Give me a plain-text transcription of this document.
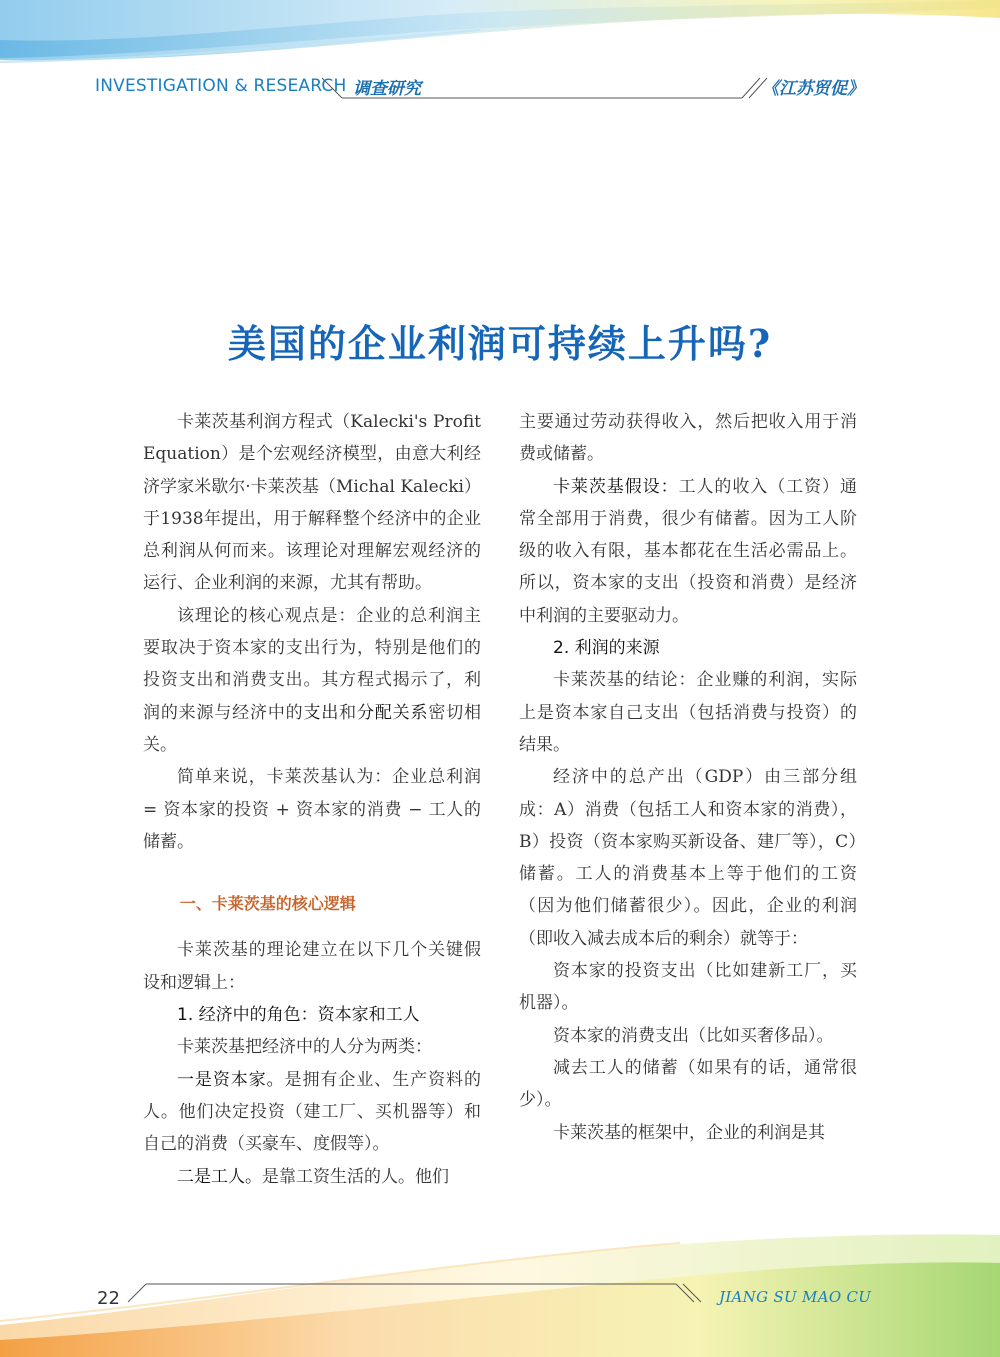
INVESTIGATION & RESEARCH 调查研究	《江苏贸促》
美国的企业利润可持续上升吗?

卡莱茨基利润方程式（Kalecki's Profit Equation）是个宏观经济模型，由意大利经济学家米歇尔·卡莱茨基（Michal Kalecki）于1938年提出，用于解释整个经济中的企业总利润从何而来。该理论对理解宏观经济的运行、企业利润的来源，尤其有帮助。

该理论的核心观点是：企业的总利润主要取决于资本家的支出行为，特别是他们的投资支出和消费支出。其方程式揭示了，利润的来源与经济中的支出和分配关系密切相关。

简单来说，卡莱茨基认为：企业总利润 = 资本家的投资 + 资本家的消费 − 工人的储蓄。

一、卡莱茨基的核心逻辑

卡莱茨基的理论建立在以下几个关键假设和逻辑上：

1. 经济中的角色：资本家和工人

卡莱茨基把经济中的人分为两类：

一是资本家。是拥有企业、生产资料的人。他们决定投资（建工厂、买机器等）和自己的消费（买豪车、度假等）。

二是工人。是靠工资生活的人。他们

主要通过劳动获得收入，然后把收入用于消费或储蓄。

卡莱茨基假设：工人的收入（工资）通常全部用于消费，很少有储蓄。因为工人阶级的收入有限，基本都花在生活必需品上。所以，资本家的支出（投资和消费）是经济中利润的主要驱动力。

2. 利润的来源

卡莱茨基的结论：企业赚的利润，实际上是资本家自己支出（包括消费与投资）的结果。

经济中的总产出（GDP）由三部分组成：A）消费（包括工人和资本家的消费），B）投资（资本家购买新设备、建厂等），C）储蓄。工人的消费基本上等于他们的工资（因为他们储蓄很少）。因此，企业的利润（即收入减去成本后的剩余）就等于：

资本家的投资支出（比如建新工厂，买机器）。

资本家的消费支出（比如买奢侈品）。

减去工人的储蓄（如果有的话，通常很少）。

卡莱茨基的框架中，企业的利润是其

22	JIANG SU MAO CU
